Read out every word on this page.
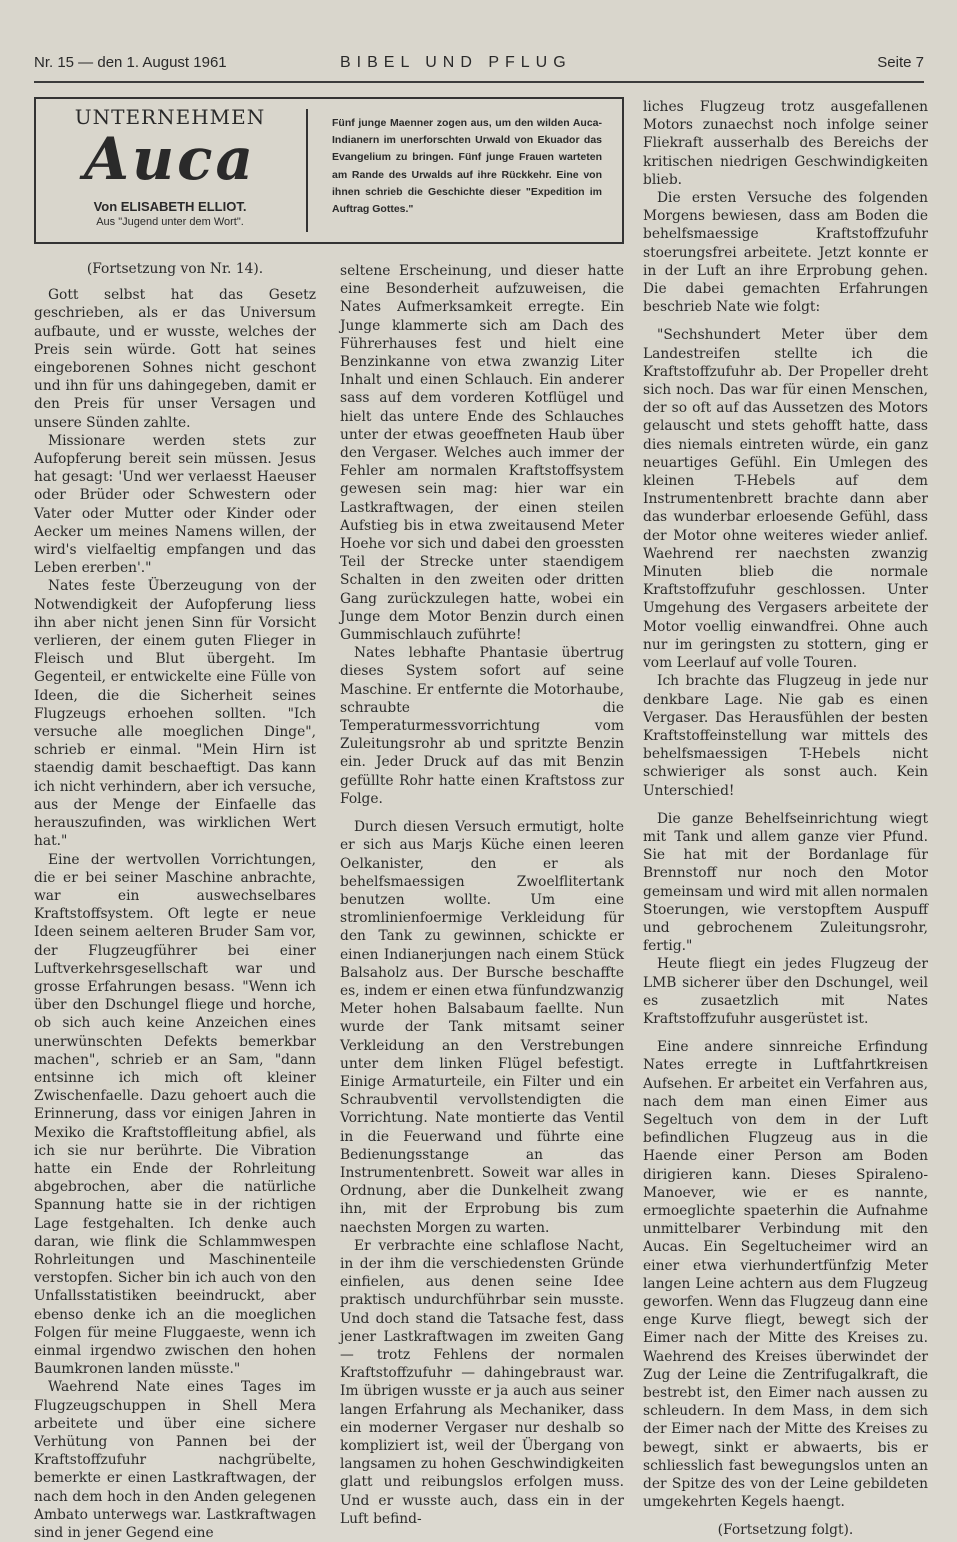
Nr. 15 — den 1. August 1961	BIBEL UND PFLUG	Seite 7
UNTERNEHMEN
Auca
Von ELISABETH ELLIOT.
Aus "Jugend unter dem Wort".
Fünf junge Maenner zogen aus, um den wilden Auca-Indianern im unerforschten Urwald von Ekuador das Evangelium zu bringen. Fünf junge Frauen warteten am Rande des Urwalds auf ihre Rückkehr. Eine von ihnen schrieb die Geschichte dieser "Expedition im Auftrag Gottes."

(Fortsetzung von Nr. 14).

Gott selbst hat das Gesetz geschrieben, als er das Universum aufbaute, und er wusste, welches der Preis sein würde. Gott hat seines eingeborenen Sohnes nicht geschont und ihn für uns dahingegeben, damit er den Preis für unser Versagen und unsere Sünden zahlte.

Missionare werden stets zur Aufopferung bereit sein müssen. Jesus hat gesagt: 'Und wer verlaesst Haeuser oder Brüder oder Schwestern oder Vater oder Mutter oder Kinder oder Aecker um meines Namens willen, der wird's vielfaeltig empfangen und das Leben ererben'."

Nates feste Überzeugung von der Notwendigkeit der Aufopferung liess ihn aber nicht jenen Sinn für Vorsicht verlieren, der einem guten Flieger in Fleisch und Blut übergeht. Im Gegenteil, er entwickelte eine Fülle von Ideen, die die Sicherheit seines Flugzeugs erhoehen sollten. "Ich versuche alle moeglichen Dinge", schrieb er einmal. "Mein Hirn ist staendig damit beschaeftigt. Das kann ich nicht verhindern, aber ich versuche, aus der Menge der Einfaelle das herauszufinden, was wirklichen Wert hat."

Eine der wertvollen Vorrichtungen, die er bei seiner Maschine anbrachte, war ein auswechselbares Kraftstoffsystem. Oft legte er neue Ideen seinem aelteren Bruder Sam vor, der Flugzeugführer bei einer Luftverkehrsgesellschaft war und grosse Erfahrungen besass. "Wenn ich über den Dschungel fliege und horche, ob sich auch keine Anzeichen eines unerwünschten Defekts bemerkbar machen", schrieb er an Sam, "dann entsinne ich mich oft kleiner Zwischenfaelle. Dazu gehoert auch die Erinnerung, dass vor einigen Jahren in Mexiko die Kraftstoffleitung abfiel, als ich sie nur berührte. Die Vibration hatte ein Ende der Rohrleitung abgebrochen, aber die natürliche Spannung hatte sie in der richtigen Lage festgehalten. Ich denke auch daran, wie flink die Schlammwespen Rohrleitungen und Maschinenteile verstopfen. Sicher bin ich auch von den Unfallsstatistiken beeindruckt, aber ebenso denke ich an die moeglichen Folgen für meine Fluggaeste, wenn ich einmal irgendwo zwischen den hohen Baumkronen landen müsste."

Waehrend Nate eines Tages im Flugzeugschuppen in Shell Mera arbeitete und über eine sichere Verhütung von Pannen bei der Kraftstoffzufuhr nachgrübelte, bemerkte er einen Lastkraftwagen, der nach dem hoch in den Anden gelegenen Ambato unterwegs war. Lastkraftwagen sind in jener Gegend eine

seltene Erscheinung, und dieser hatte eine Besonderheit aufzuweisen, die Nates Aufmerksamkeit erregte. Ein Junge klammerte sich am Dach des Führerhauses fest und hielt eine Benzinkanne von etwa zwanzig Liter Inhalt und einen Schlauch. Ein anderer sass auf dem vorderen Kotflügel und hielt das untere Ende des Schlauches unter der etwas geoeffneten Haub über den Vergaser. Welches auch immer der Fehler am normalen Kraftstoffsystem gewesen sein mag: hier war ein Lastkraftwagen, der einen steilen Aufstieg bis in etwa zweitausend Meter Hoehe vor sich und dabei den groessten Teil der Strecke unter staendigem Schalten in den zweiten oder dritten Gang zurückzulegen hatte, wobei ein Junge dem Motor Benzin durch einen Gummischlauch zuführte!

Nates lebhafte Phantasie übertrug dieses System sofort auf seine Maschine. Er entfernte die Motorhaube, schraubte die Temperaturmessvorrichtung vom Zuleitungsrohr ab und spritzte Benzin ein. Jeder Druck auf das mit Benzin gefüllte Rohr hatte einen Kraftstoss zur Folge.

Durch diesen Versuch ermutigt, holte er sich aus Marjs Küche einen leeren Oelkanister, den er als behelfsmaessigen Zwoelflitertank benutzen wollte. Um eine stromlinienfoermige Verkleidung für den Tank zu gewinnen, schickte er einen Indianerjungen nach einem Stück Balsaholz aus. Der Bursche beschaffte es, indem er einen etwa fünfundzwanzig Meter hohen Balsabaum faellte. Nun wurde der Tank mitsamt seiner Verkleidung an den Verstrebungen unter dem linken Flügel befestigt. Einige Armaturteile, ein Filter und ein Schraubventil vervollstendigten die Vorrichtung. Nate montierte das Ventil in die Feuerwand und führte eine Bedienungsstange an das Instrumentenbrett. Soweit war alles in Ordnung, aber die Dunkelheit zwang ihn, mit der Erprobung bis zum naechsten Morgen zu warten.

Er verbrachte eine schlaflose Nacht, in der ihm die verschiedensten Gründe einfielen, aus denen seine Idee praktisch undurchführbar sein musste. Und doch stand die Tatsache fest, dass jener Lastkraftwagen im zweiten Gang — trotz Fehlens der normalen Kraftstoffzufuhr — dahingebraust war. Im übrigen wusste er ja auch aus seiner langen Erfahrung als Mechaniker, dass ein moderner Vergaser nur deshalb so kompliziert ist, weil der Übergang von langsamen zu hohen Geschwindigkeiten glatt und reibungslos erfolgen muss. Und er wusste auch, dass ein in der Luft befind-

liches Flugzeug trotz ausgefallenen Motors zunaechst noch infolge seiner Fliekraft ausserhalb des Bereichs der kritischen niedrigen Geschwindigkeiten blieb.

Die ersten Versuche des folgenden Morgens bewiesen, dass am Boden die behelfsmaessige Kraftstoffzufuhr stoerungsfrei arbeitete. Jetzt konnte er in der Luft an ihre Erprobung gehen. Die dabei gemachten Erfahrungen beschrieb Nate wie folgt:

"Sechshundert Meter über dem Landestreifen stellte ich die Kraftstoffzufuhr ab. Der Propeller dreht sich noch. Das war für einen Menschen, der so oft auf das Aussetzen des Motors gelauscht und stets gehofft hatte, dass dies niemals eintreten würde, ein ganz neuartiges Gefühl. Ein Umlegen des kleinen T-Hebels auf dem Instrumentenbrett brachte dann aber das wunderbar erloesende Gefühl, dass der Motor ohne weiteres wieder anlief. Waehrend rer naechsten zwanzig Minuten blieb die normale Kraftstoffzufuhr geschlossen. Unter Umgehung des Vergasers arbeitete der Motor voellig einwandfrei. Ohne auch nur im geringsten zu stottern, ging er vom Leerlauf auf volle Touren.

Ich brachte das Flugzeug in jede nur denkbare Lage. Nie gab es einen Vergaser. Das Herausfühlen der besten Kraftstoffeinstellung war mittels des behelfsmaessigen T-Hebels nicht schwieriger als sonst auch. Kein Unterschied!

Die ganze Behelfseinrichtung wiegt mit Tank und allem ganze vier Pfund. Sie hat mit der Bordanlage für Brennstoff nur noch den Motor gemeinsam und wird mit allen normalen Stoerungen, wie verstopftem Auspuff und gebrochenem Zuleitungsrohr, fertig."

Heute fliegt ein jedes Flugzeug der LMB sicherer über den Dschungel, weil es zusaetzlich mit Nates Kraftstoffzufuhr ausgerüstet ist.

Eine andere sinnreiche Erfindung Nates erregte in Luftfahrtkreisen Aufsehen. Er arbeitet ein Verfahren aus, nach dem man einen Eimer aus Segeltuch von dem in der Luft befindlichen Flugzeug aus in die Haende einer Person am Boden dirigieren kann. Dieses Spiraleno-Manoever, wie er es nannte, ermoeglichte spaeterhin die Aufnahme unmittelbarer Verbindung mit den Aucas. Ein Segeltucheimer wird an einer etwa vierhundertfünfzig Meter langen Leine achtern aus dem Flugzeug geworfen. Wenn das Flugzeug dann eine enge Kurve fliegt, bewegt sich der Eimer nach der Mitte des Kreises zu. Waehrend des Kreises überwindet der Zug der Leine die Zentrifugalkraft, die bestrebt ist, den Eimer nach aussen zu schleudern. In dem Mass, in dem sich der Eimer nach der Mitte des Kreises zu bewegt, sinkt er abwaerts, bis er schliesslich fast bewegungslos unten an der Spitze des von der Leine gebildeten umgekehrten Kegels haengt.

(Fortsetzung folgt).
